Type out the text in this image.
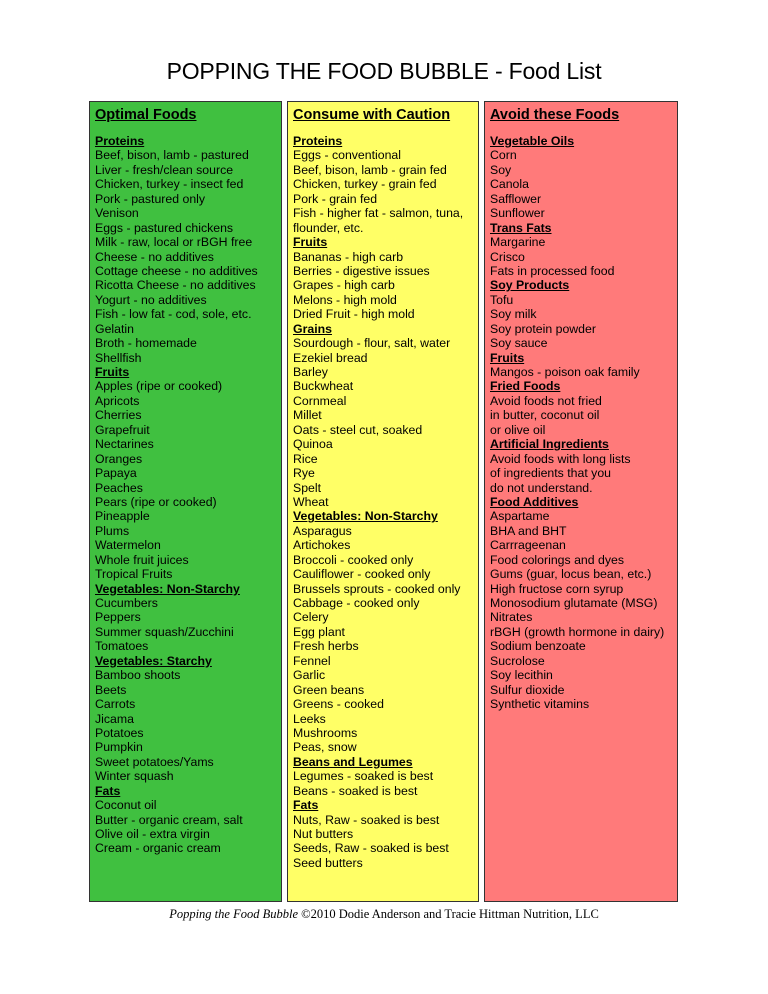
POPPING THE FOOD BUBBLE - Food List
Optimal Foods
Proteins
Beef, bison, lamb - pastured
Liver - fresh/clean source
Chicken, turkey - insect fed
Pork - pastured only
Venison
Eggs - pastured chickens
Milk - raw, local or rBGH free
Cheese - no additives
Cottage cheese - no additives
Ricotta Cheese - no additives
Yogurt - no additives
Fish - low fat - cod, sole, etc.
Gelatin
Broth - homemade
Shellfish
Fruits
Apples (ripe or cooked)
Apricots
Cherries
Grapefruit
Nectarines
Oranges
Papaya
Peaches
Pears (ripe or cooked)
Pineapple
Plums
Watermelon
Whole fruit juices
Tropical Fruits
Vegetables: Non-Starchy
Cucumbers
Peppers
Summer squash/Zucchini
Tomatoes
Vegetables: Starchy
Bamboo shoots
Beets
Carrots
Jicama
Potatoes
Pumpkin
Sweet potatoes/Yams
Winter squash
Fats
Coconut oil
Butter - organic cream, salt
Olive oil - extra virgin
Cream - organic cream
Consume with Caution
Proteins
Eggs - conventional
Beef, bison, lamb - grain fed
Chicken, turkey - grain fed
Pork - grain fed
Fish - higher fat - salmon, tuna,
flounder, etc.
Fruits
Bananas - high carb
Berries - digestive issues
Grapes - high carb
Melons - high mold
Dried Fruit - high mold
Grains
Sourdough - flour, salt, water
Ezekiel bread
Barley
Buckwheat
Cornmeal
Millet
Oats - steel cut, soaked
Quinoa
Rice
Rye
Spelt
Wheat
Vegetables: Non-Starchy
Asparagus
Artichokes
Broccoli - cooked only
Cauliflower - cooked only
Brussels sprouts - cooked only
Cabbage - cooked only
Celery
Egg plant
Fresh herbs
Fennel
Garlic
Green beans
Greens - cooked
Leeks
Mushrooms
Peas, snow
Beans and Legumes
Legumes - soaked is best
Beans - soaked is best
Fats
Nuts, Raw - soaked is best
Nut butters
Seeds, Raw - soaked is best
Seed butters
Avoid these Foods
Vegetable Oils
Corn
Soy
Canola
Safflower
Sunflower
Trans Fats
Margarine
Crisco
Fats in processed food
Soy Products
Tofu
Soy milk
Soy protein powder
Soy sauce
Fruits
Mangos - poison oak family
Fried Foods
Avoid foods not fried
in butter, coconut oil
or olive oil
Artificial Ingredients
Avoid foods with long lists
of ingredients that you
do not understand.
Food Additives
Aspartame
BHA and BHT
Carrrageenan
Food colorings and dyes
Gums (guar, locus bean, etc.)
High fructose corn syrup
Monosodium glutamate (MSG)
Nitrates
rBGH (growth hormone in dairy)
Sodium benzoate
Sucrolose
Soy lecithin
Sulfur dioxide
Synthetic vitamins
Popping the Food Bubble ©2010 Dodie Anderson and Tracie Hittman Nutrition, LLC
